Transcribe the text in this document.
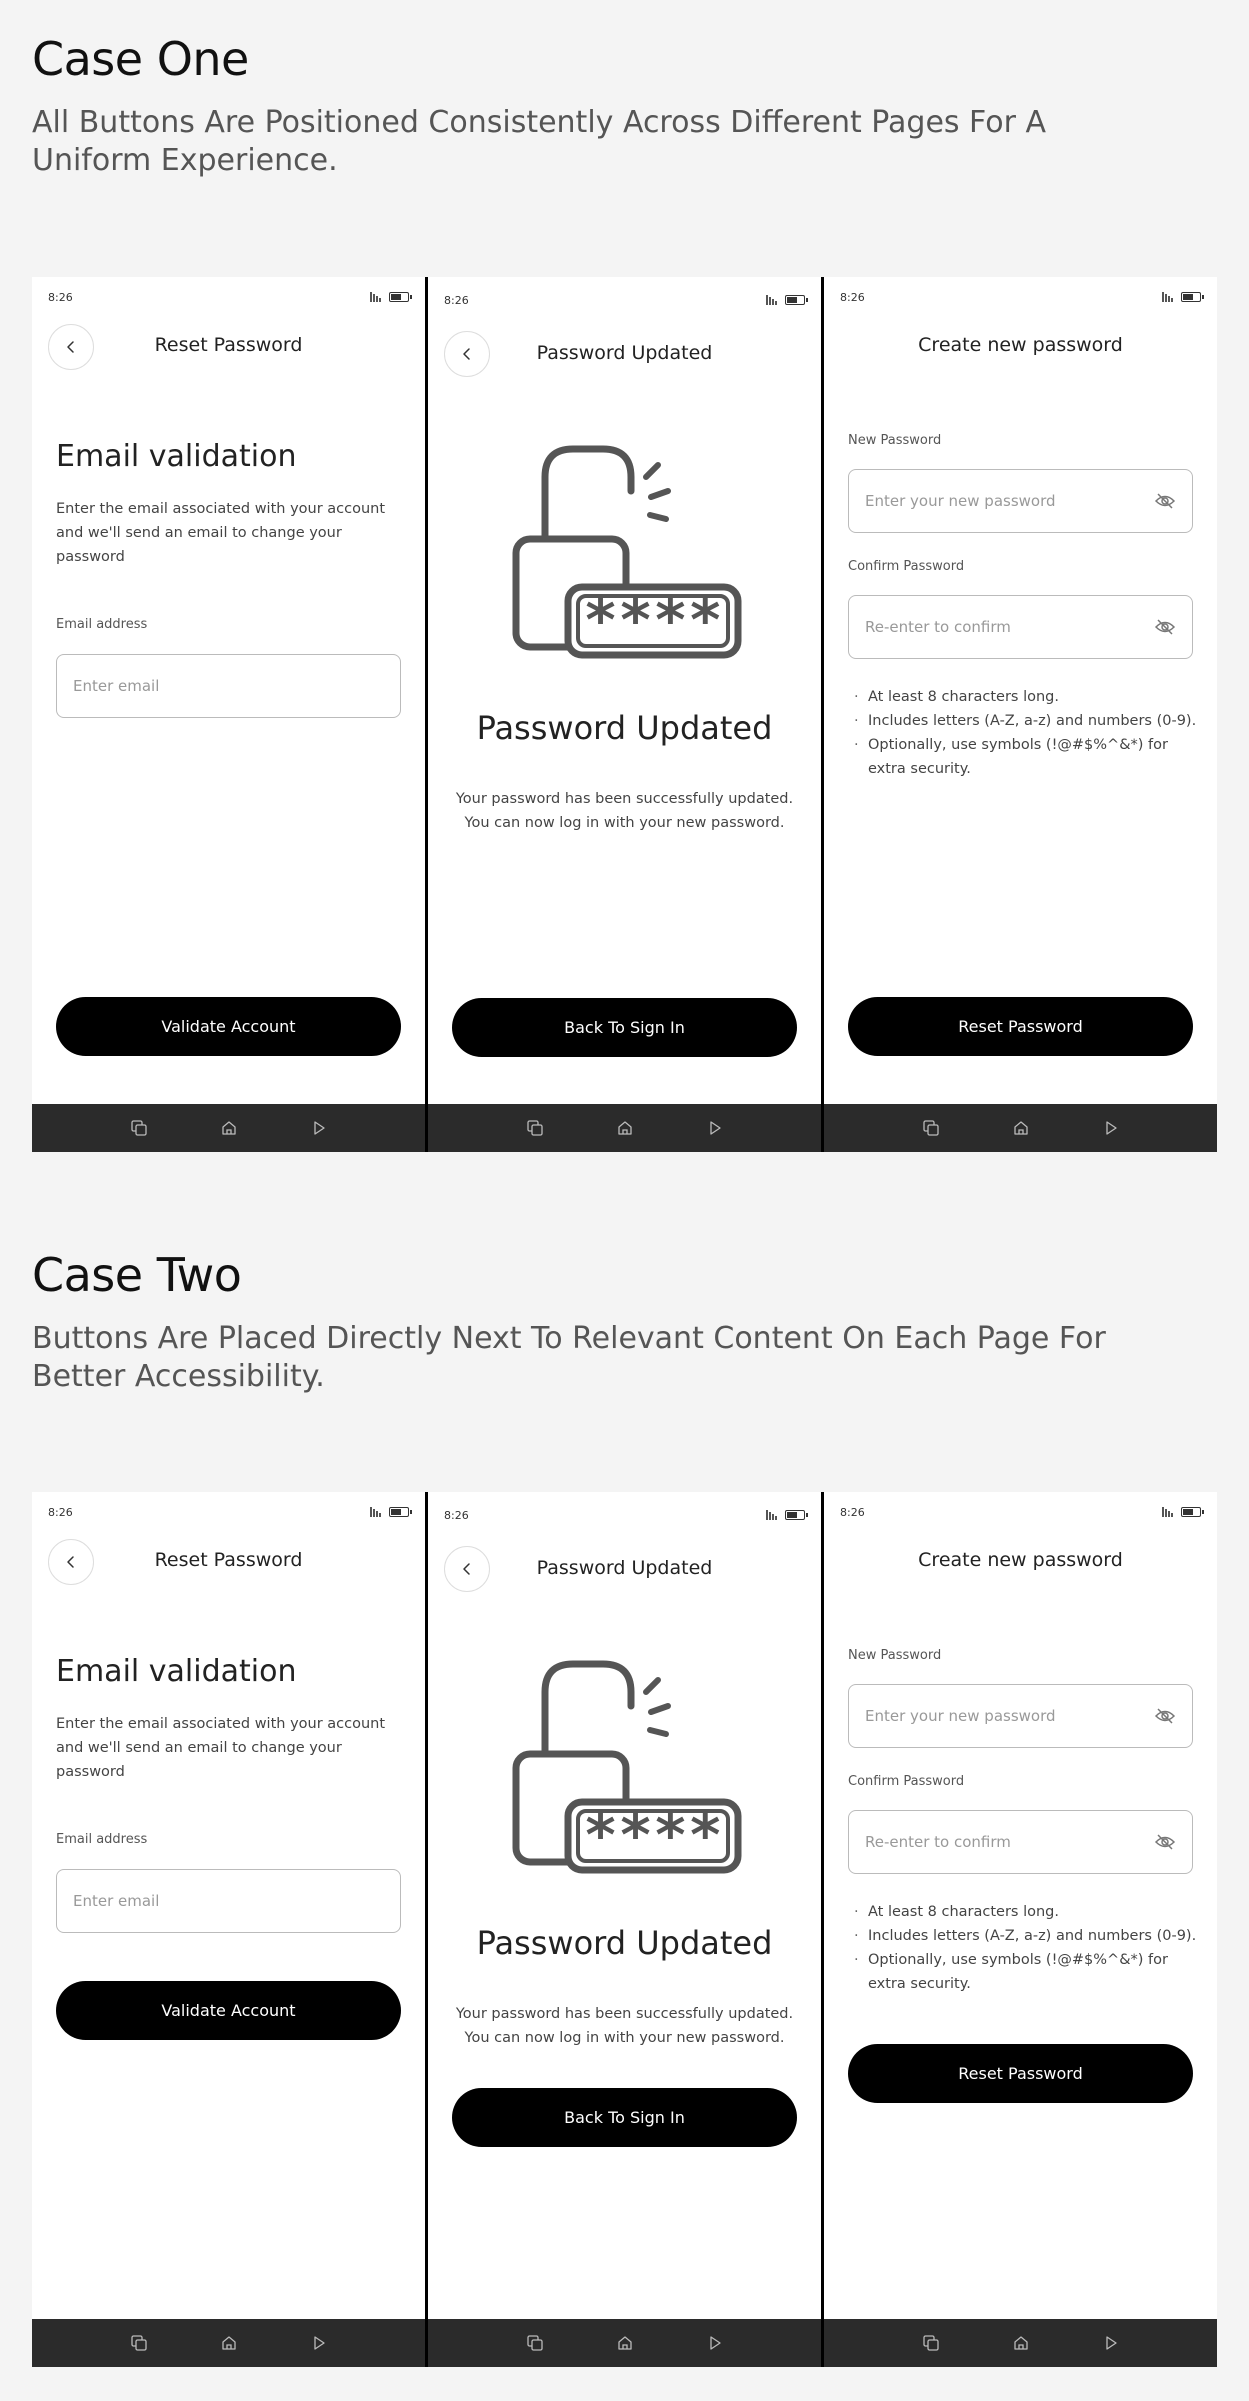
Case One
All Buttons Are Positioned Consistently Across Different Pages For A Uniform Experience.
8:26
Reset Password
Email validation
Enter the email associated with your account and we'll send an email to change your password
Email address
Enter email
Validate Account
8:26
Password Updated
****
Password Updated
Your password has been successfully updated.
You can now log in with your new password.
Back To Sign In
8:26
Create new password
New Password
Enter your new password
Confirm Password
Re-enter to confirm
· At least 8 characters long.
· Includes letters (A-Z, a-z) and numbers (0-9).
· Optionally, use symbols (!@#$%^&*) for extra security.
Reset Password
Case Two
Buttons Are Placed Directly Next To Relevant Content On Each Page For Better Accessibility.
8:26
Reset Password
Email validation
Enter the email associated with your account and we'll send an email to change your password
Email address
Enter email
Validate Account
8:26
Password Updated
****
Password Updated
Your password has been successfully updated.
You can now log in with your new password.
Back To Sign In
8:26
Create new password
New Password
Enter your new password
Confirm Password
Re-enter to confirm
· At least 8 characters long.
· Includes letters (A-Z, a-z) and numbers (0-9).
· Optionally, use symbols (!@#$%^&*) for extra security.
Reset Password
